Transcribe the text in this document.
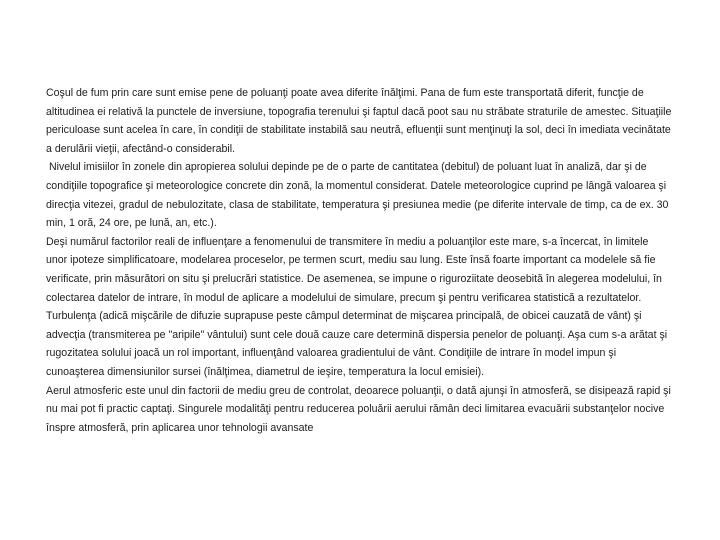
Coşul de fum prin care sunt emise pene de poluanţi poate avea diferite înălţimi. Pana de fum este transportată diferit, funcţie de
altitudinea ei relativă la punctele de inversiune, topografia terenului şi faptul dacă poot sau nu străbate straturile de amestec. Situaţiile
periculoase sunt acelea în care, în condiţii de stabilitate instabilă sau neutră, efluenţii sunt menţinuţi la sol, deci în imediata vecinătate
a derulării vieţii, afectând-o considerabil.
Nivelul imisiilor în zonele din apropierea solului depinde pe de o parte de cantitatea (debitul) de poluant luat în analiză, dar şi de
condiţiile topografice şi meteorologice concrete din zonă, la momentul considerat. Datele meteorologice cuprind pe lângă valoarea şi
direcţia vitezei, gradul de nebulozitate, clasa de stabilitate, temperatura şi presiunea medie (pe diferite intervale de timp, ca de ex. 30
min, 1 oră, 24 ore, pe lună, an, etc.).
Deşi numărul factorilor reali de influenţare a fenomenului de transmitere în mediu a poluanţilor este mare, s-a încercat, în limitele
unor ipoteze simplificatoare, modelarea proceselor, pe termen scurt, mediu sau lung. Este însă foarte important ca modelele să fie
verificate, prin măsurători on situ şi prelucrări statistice. De asemenea, se impune o riguroziitate deosebită în alegerea modelului, în
colectarea datelor de intrare, în modul de aplicare a modelului de simulare, precum şi pentru verificarea statistică a rezultatelor.
Turbulenţa (adică mişcările de difuzie suprapuse peste câmpul determinat de mişcarea principală, de obicei cauzată de vânt) şi
advecţia (transmiterea pe "aripile" vântului) sunt cele două cauze care determină dispersia penelor de poluanţi. Aşa cum s-a arătat şi
rugozitatea solului joacă un rol important, influenţând valoarea gradientului de vânt. Condiţiile de intrare în model impun şi
cunoaşterea dimensiunilor sursei (înălţimea, diametrul de ieşire, temperatura la locul emisiei).
Aerul atmosferic este unul din factorii de mediu greu de controlat, deoarece poluanţii, o dată ajunşi în atmosferă, se disipează rapid şi
nu mai pot fi practic captaţi. Singurele modalităţi pentru reducerea poluării aerului rămân deci limitarea evacuării substanţelor nocive
înspre atmosferă, prin aplicarea unor tehnologii avansate
